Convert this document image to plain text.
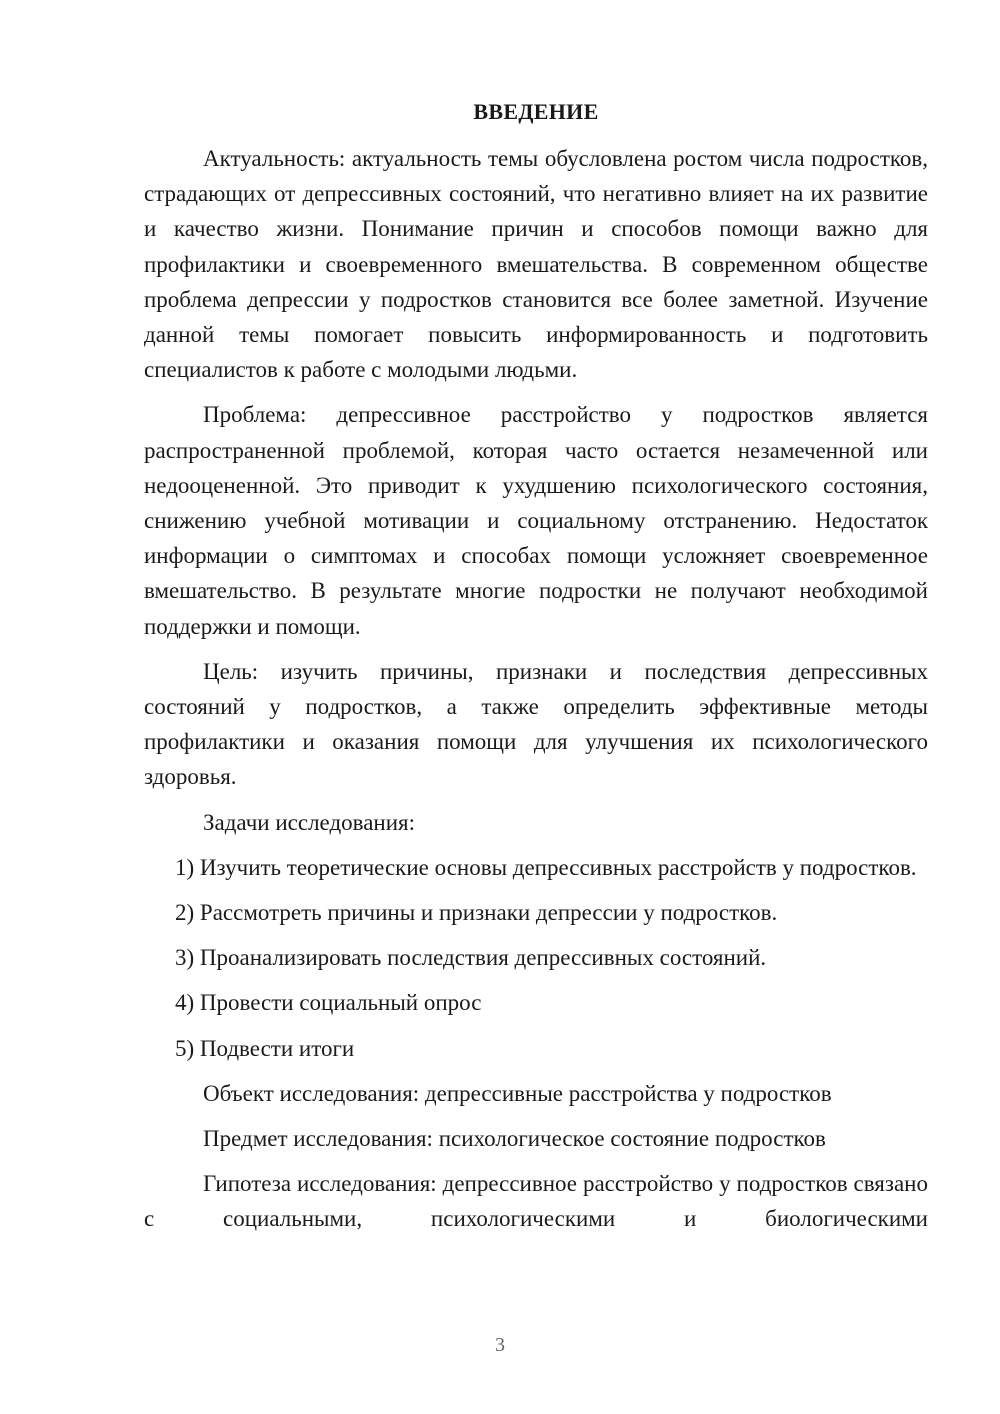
ВВЕДЕНИЕ

Актуальность: актуальность темы обусловлена ростом числа подростков, страдающих от депрессивных состояний, что негативно влияет на их развитие и качество жизни. Понимание причин и способов помощи важно для профилактики и своевременного вмешательства. В современном обществе проблема депрессии у подростков становится все более заметной. Изучение данной темы помогает повысить информированность и подготовить специалистов к работе с молодыми людьми.

Проблема: депрессивное расстройство у подростков является распространенной проблемой, которая часто остается незамеченной или недооцененной. Это приводит к ухудшению психологического состояния, снижению учебной мотивации и социальному отстранению. Недостаток информации о симптомах и способах помощи усложняет своевременное вмешательство. В результате многие подростки не получают необходимой поддержки и помощи.

Цель: изучить причины, признаки и последствия депрессивных состояний у подростков, а также определить эффективные методы профилактики и оказания помощи для улучшения их психологического здоровья.

Задачи исследования:

1) Изучить теоретические основы депрессивных расстройств у подростков.

2) Рассмотреть причины и признаки депрессии у подростков.

3) Проанализировать последствия депрессивных состояний.

4) Провести социальный опрос

5) Подвести итоги

Объект исследования: депрессивные расстройства у подростков

Предмет исследования: психологическое состояние подростков

Гипотеза исследования: депрессивное расстройство у подростков связано с социальными, психологическими и биологическими

3
